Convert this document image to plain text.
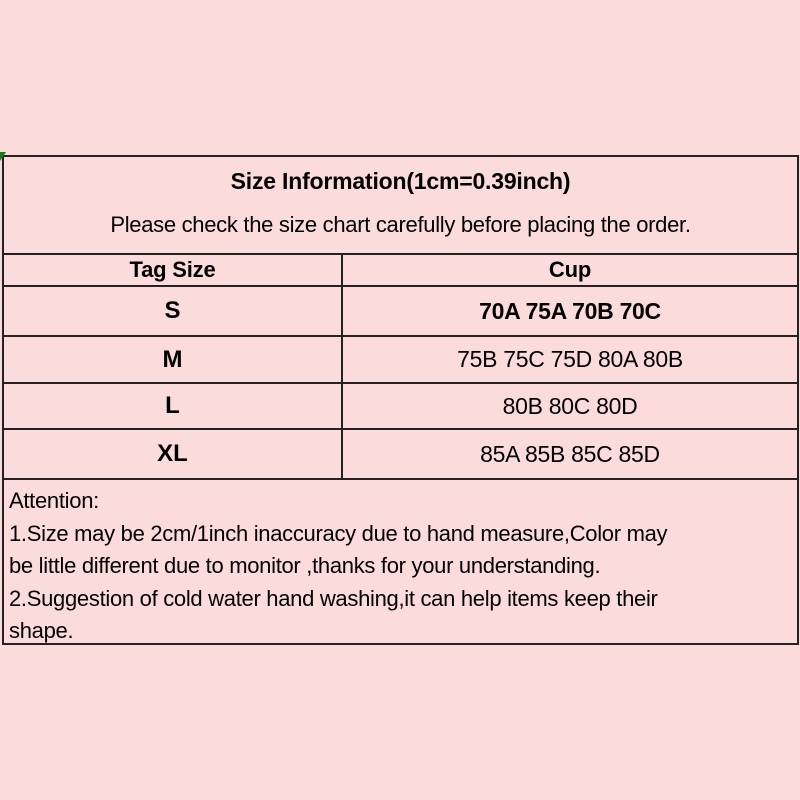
Size Information(1cm=0.39inch)
Please check the size chart carefully before placing the order.
Tag Size	Cup
S	70A 75A 70B 70C
M	75B 75C 75D 80A 80B
L	80B 80C 80D
XL	85A 85B 85C 85D
Attention:
1.Size may be 2cm/1inch inaccuracy due to hand measure,Color may
be little different due to monitor ,thanks for your understanding.
2.Suggestion of cold water hand washing,it can help items keep their
shape.
